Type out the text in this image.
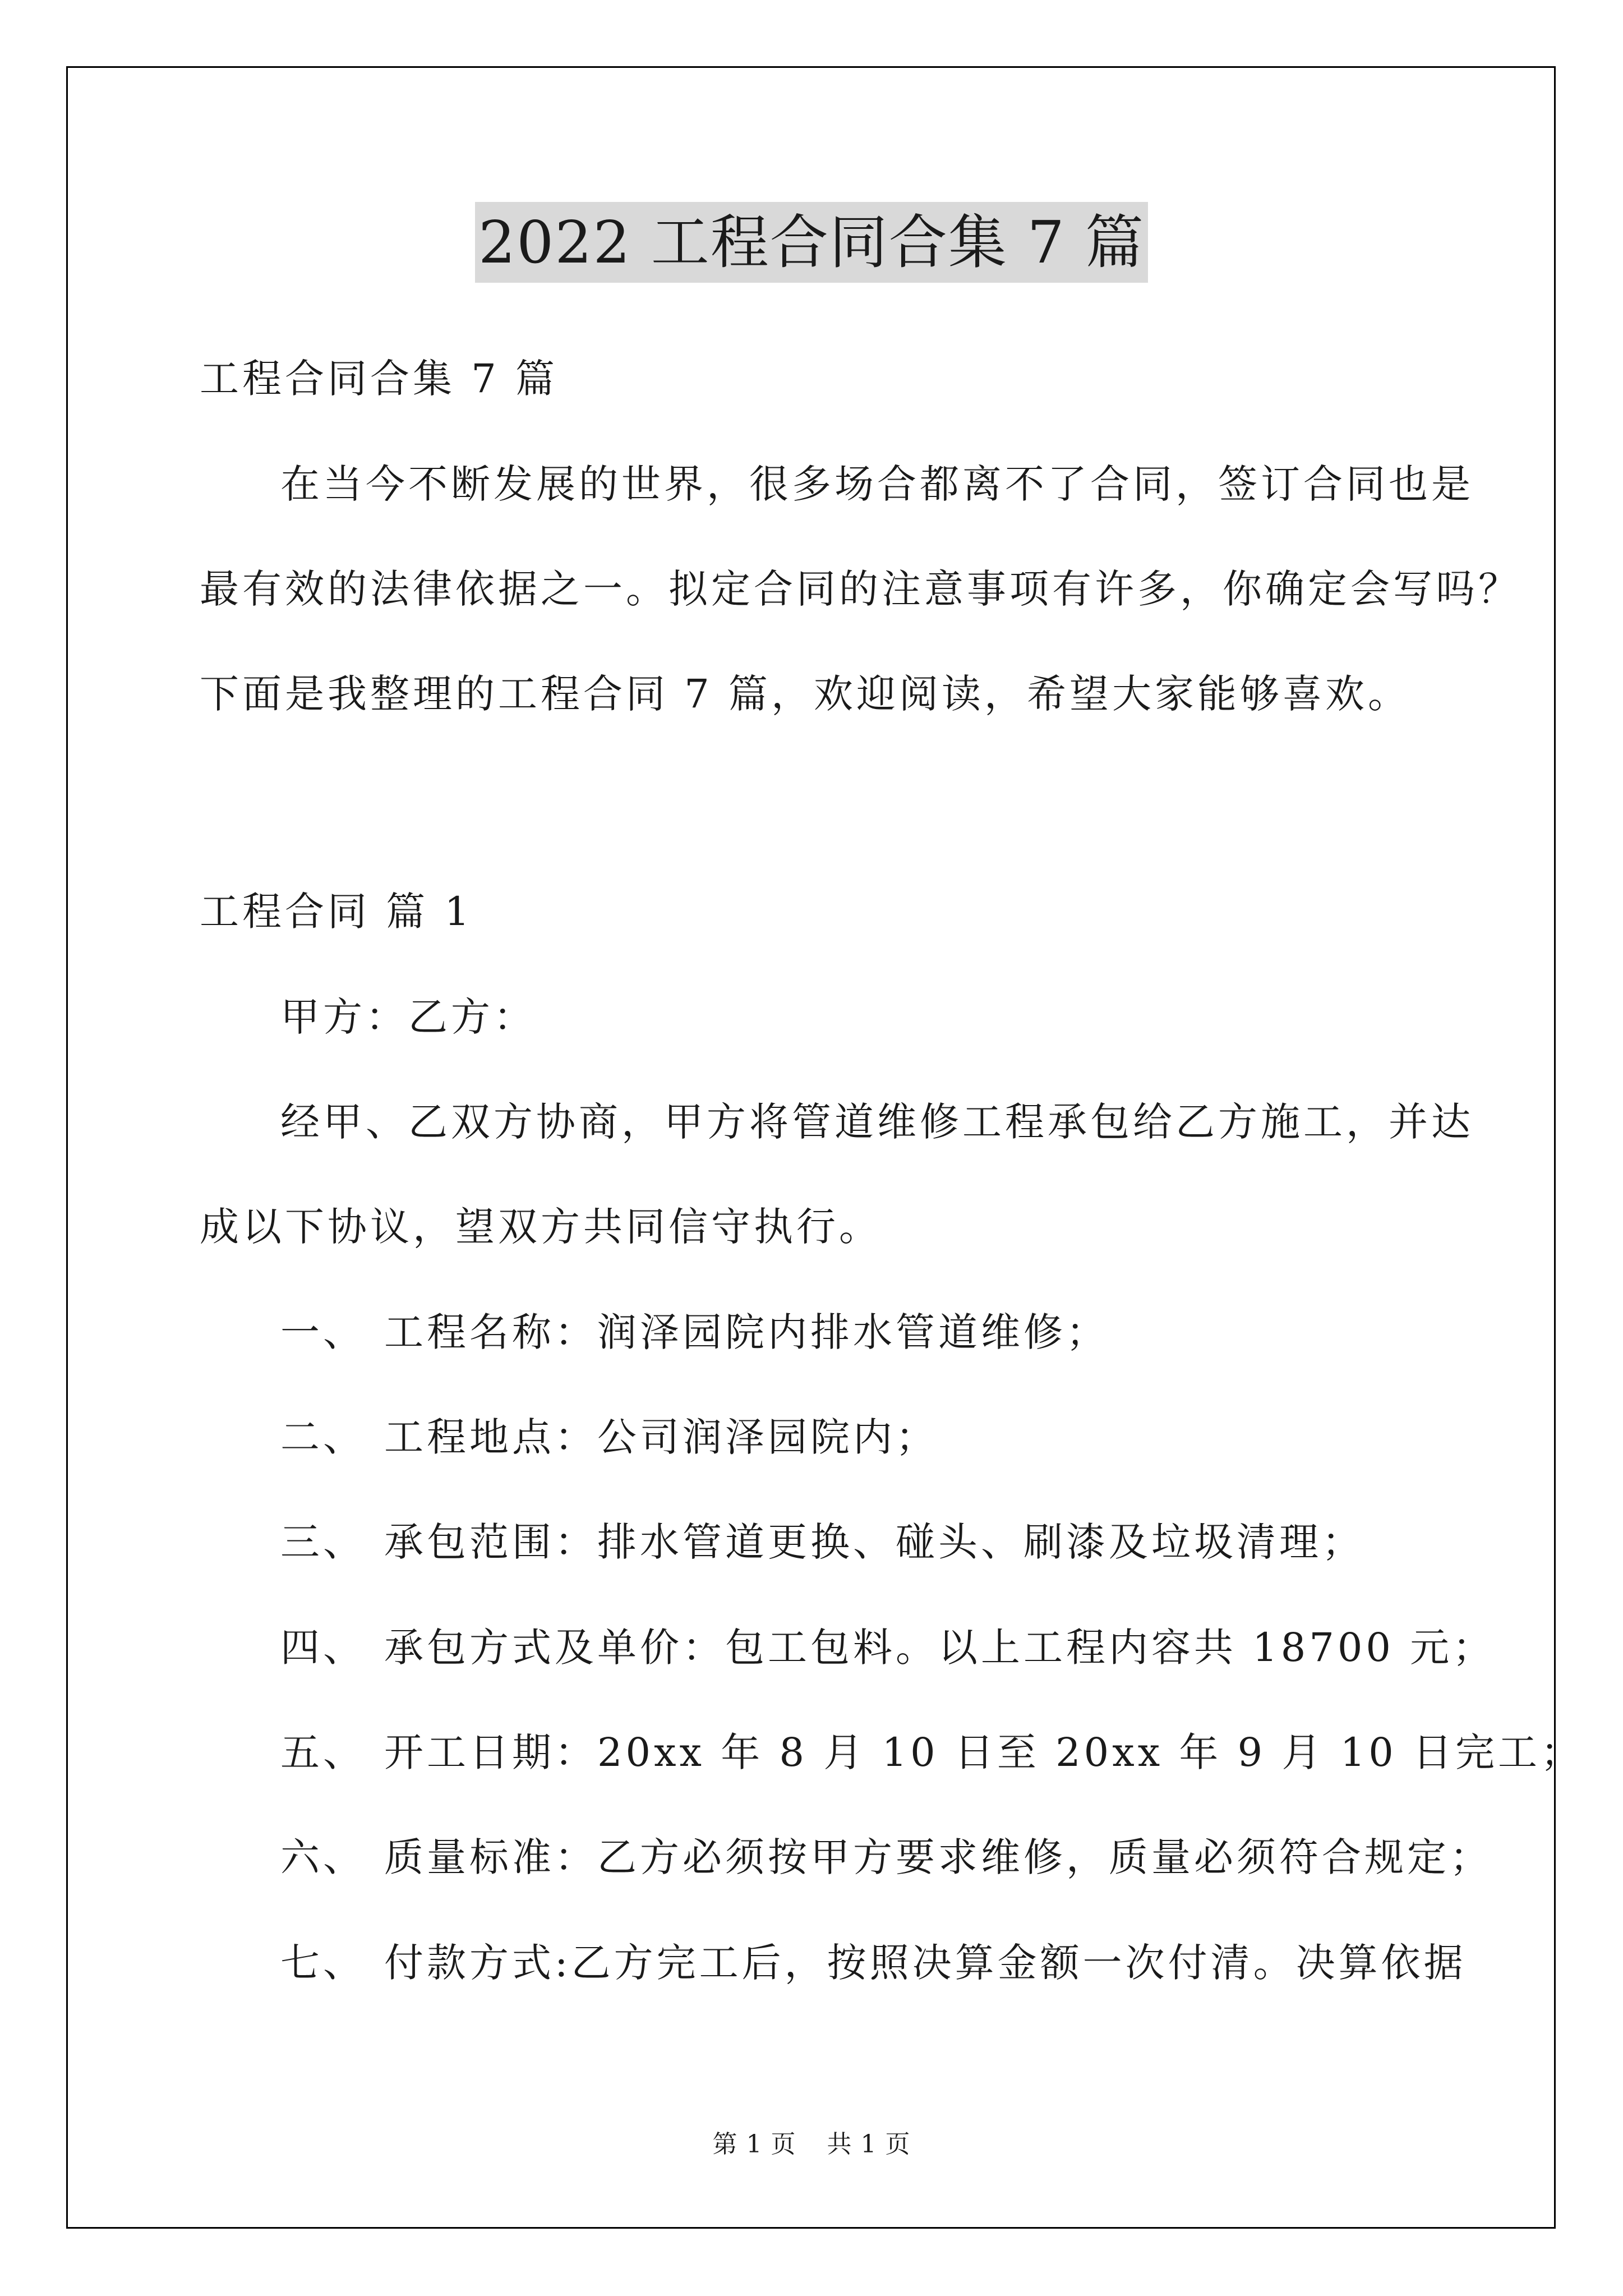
2022 工程合同合集 7 篇
工程合同合集 7 篇
在当今不断发展的世界，很多场合都离不了合同，签订合同也是
最有效的法律依据之一。拟定合同的注意事项有许多，你确定会写吗？
下面是我整理的工程合同 7 篇，欢迎阅读，希望大家能够喜欢。
工程合同 篇 1
甲方：乙方：
经甲、乙双方协商，甲方将管道维修工程承包给乙方施工，并达
成以下协议，望双方共同信守执行。
一、 工程名称：润泽园院内排水管道维修；
二、 工程地点：公司润泽园院内；
三、 承包范围：排水管道更换、碰头、刷漆及垃圾清理；
四、 承包方式及单价：包工包料。以上工程内容共 18700 元；
五、 开工日期：20xx 年 8 月 10 日至 20xx 年 9 月 10 日完工；
六、 质量标准：乙方必须按甲方要求维修，质量必须符合规定；
七、 付款方式:乙方完工后，按照决算金额一次付清。决算依据
第 1 页 共 1 页
